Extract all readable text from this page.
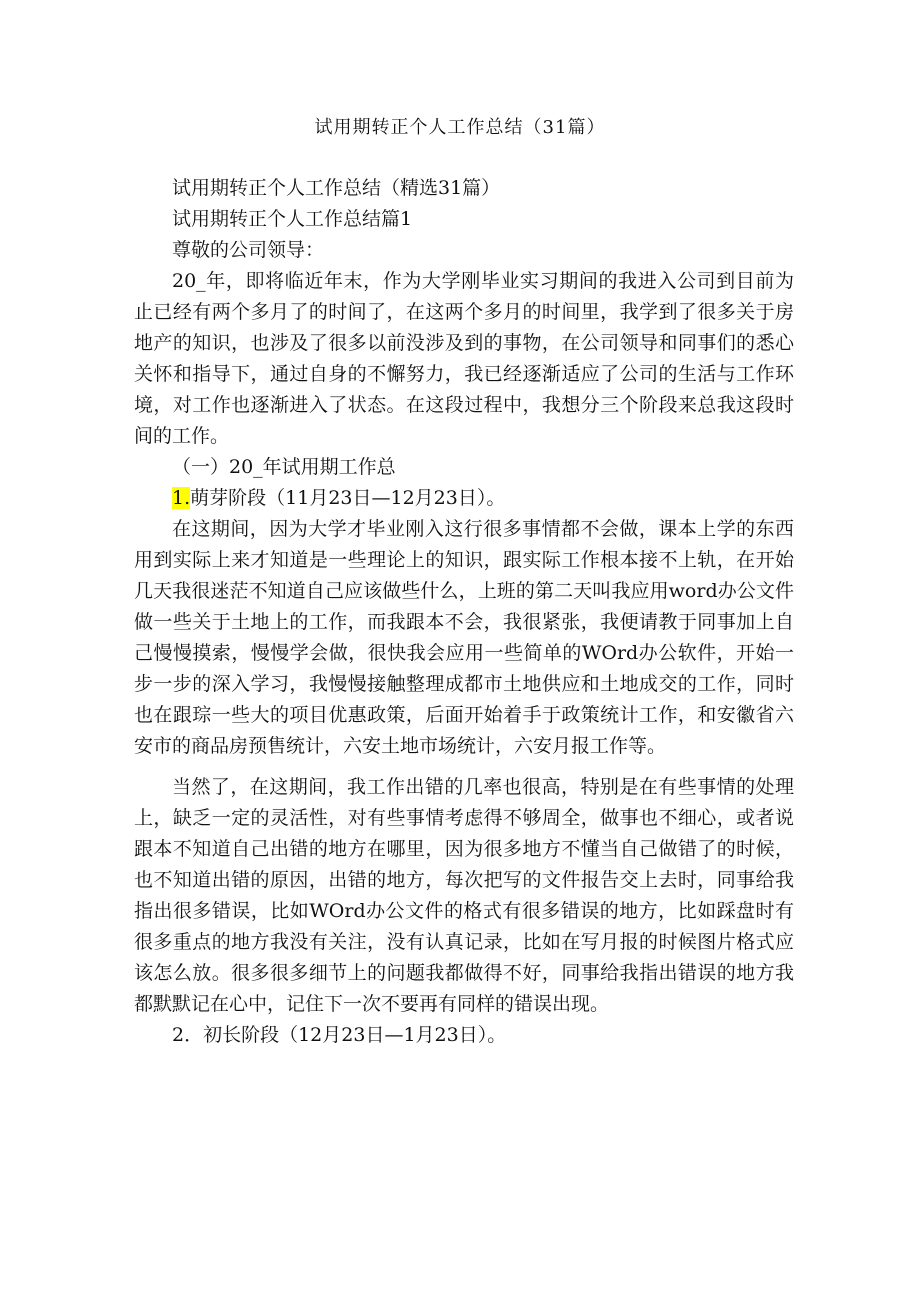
试用期转正个人工作总结（31篇）

试用期转正个人工作总结（精选31篇）

试用期转正个人工作总结篇1

尊敬的公司领导：

20_年，即将临近年末，作为大学刚毕业实习期间的我进入公司到目前为止已经有两个多月了的时间了，在这两个多月的时间里，我学到了很多关于房地产的知识，也涉及了很多以前没涉及到的事物，在公司领导和同事们的悉心关怀和指导下，通过自身的不懈努力，我已经逐渐适应了公司的生活与工作环境，对工作也逐渐进入了状态。在这段过程中，我想分三个阶段来总我这段时间的工作。

（一）20_年试用期工作总

1.萌芽阶段（11月23日—12月23日）。

在这期间，因为大学才毕业刚入这行很多事情都不会做，课本上学的东西用到实际上来才知道是一些理论上的知识，跟实际工作根本接不上轨，在开始几天我很迷茫不知道自己应该做些什么，上班的第二天叫我应用word办公文件做一些关于土地上的工作，而我跟本不会，我很紧张，我便请教于同事加上自己慢慢摸索，慢慢学会做，很快我会应用一些简单的WOrd办公软件，开始一步一步的深入学习，我慢慢接触整理成都市土地供应和土地成交的工作，同时也在跟琮一些大的项目优惠政策，后面开始着手于政策统计工作，和安徽省六安市的商品房预售统计，六安土地市场统计，六安月报工作等。

当然了，在这期间，我工作出错的几率也很高，特别是在有些事情的处理上，缺乏一定的灵活性，对有些事情考虑得不够周全，做事也不细心，或者说跟本不知道自己出错的地方在哪里，因为很多地方不懂当自己做错了的时候，也不知道出错的原因，出错的地方，每次把写的文件报告交上去时，同事给我指出很多错误，比如WOrd办公文件的格式有很多错误的地方，比如踩盘时有很多重点的地方我没有关注，没有认真记录，比如在写月报的时候图片格式应该怎么放。很多很多细节上的问题我都做得不好，同事给我指出错误的地方我都默默记在心中，记住下一次不要再有同样的错误出现。

2．初长阶段（12月23日—1月23日）。
